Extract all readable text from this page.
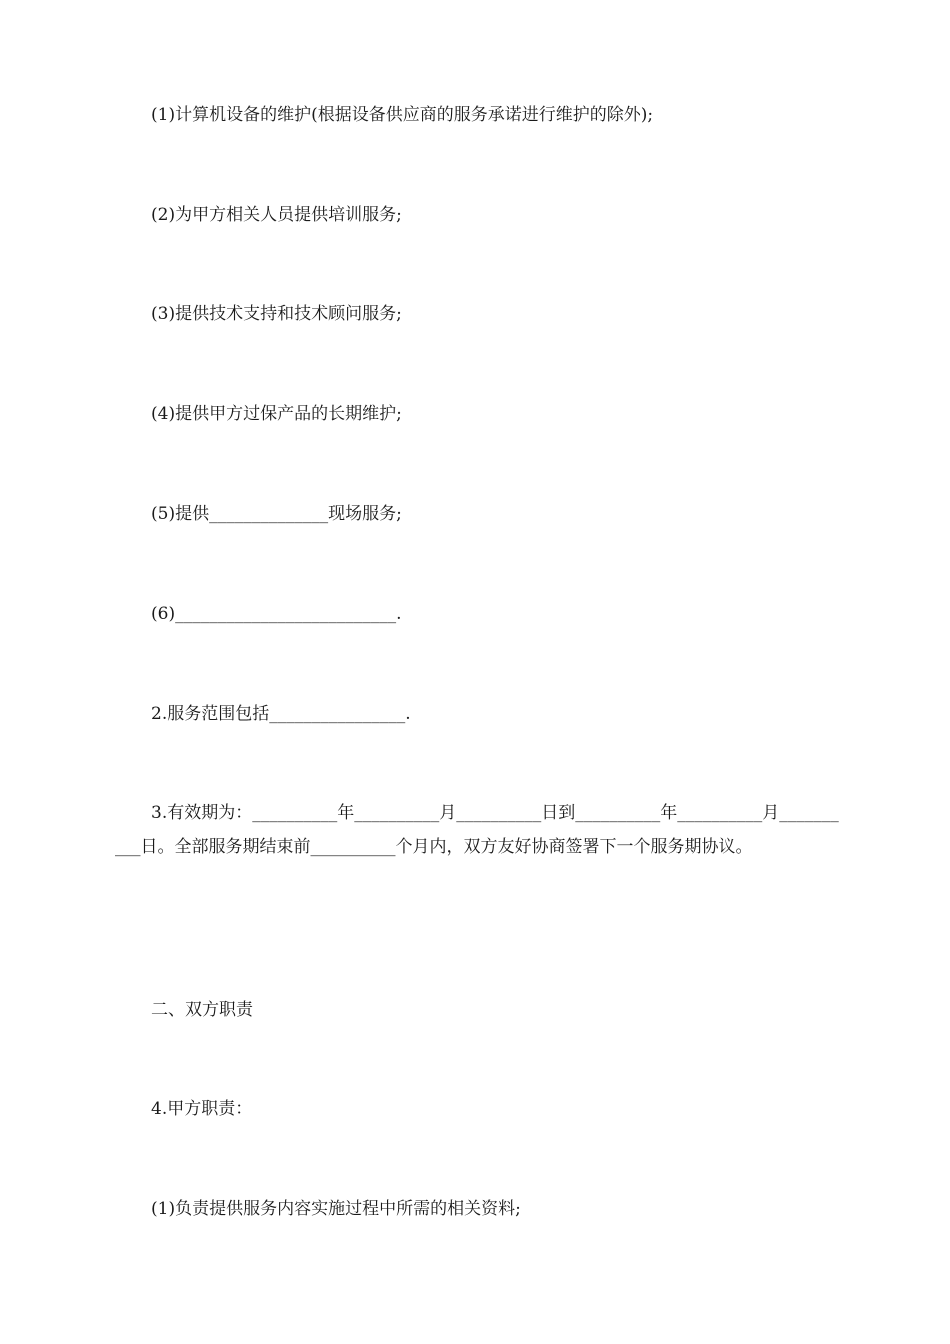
(1)计算机设备的维护(根据设备供应商的服务承诺进行维护的除外);
(2)为甲方相关人员提供培训服务;
(3)提供技术支持和技术顾问服务;
(4)提供甲方过保产品的长期维护;
(5)提供______________现场服务;
(6)__________________________.
2.服务范围包括________________.
3.有效期为：__________年__________月__________日到__________年__________月__________日。全部服务期结束前__________个月内，双方友好协商签署下一个服务期协议。
二、双方职责
4.甲方职责：
(1)负责提供服务内容实施过程中所需的相关资料;
